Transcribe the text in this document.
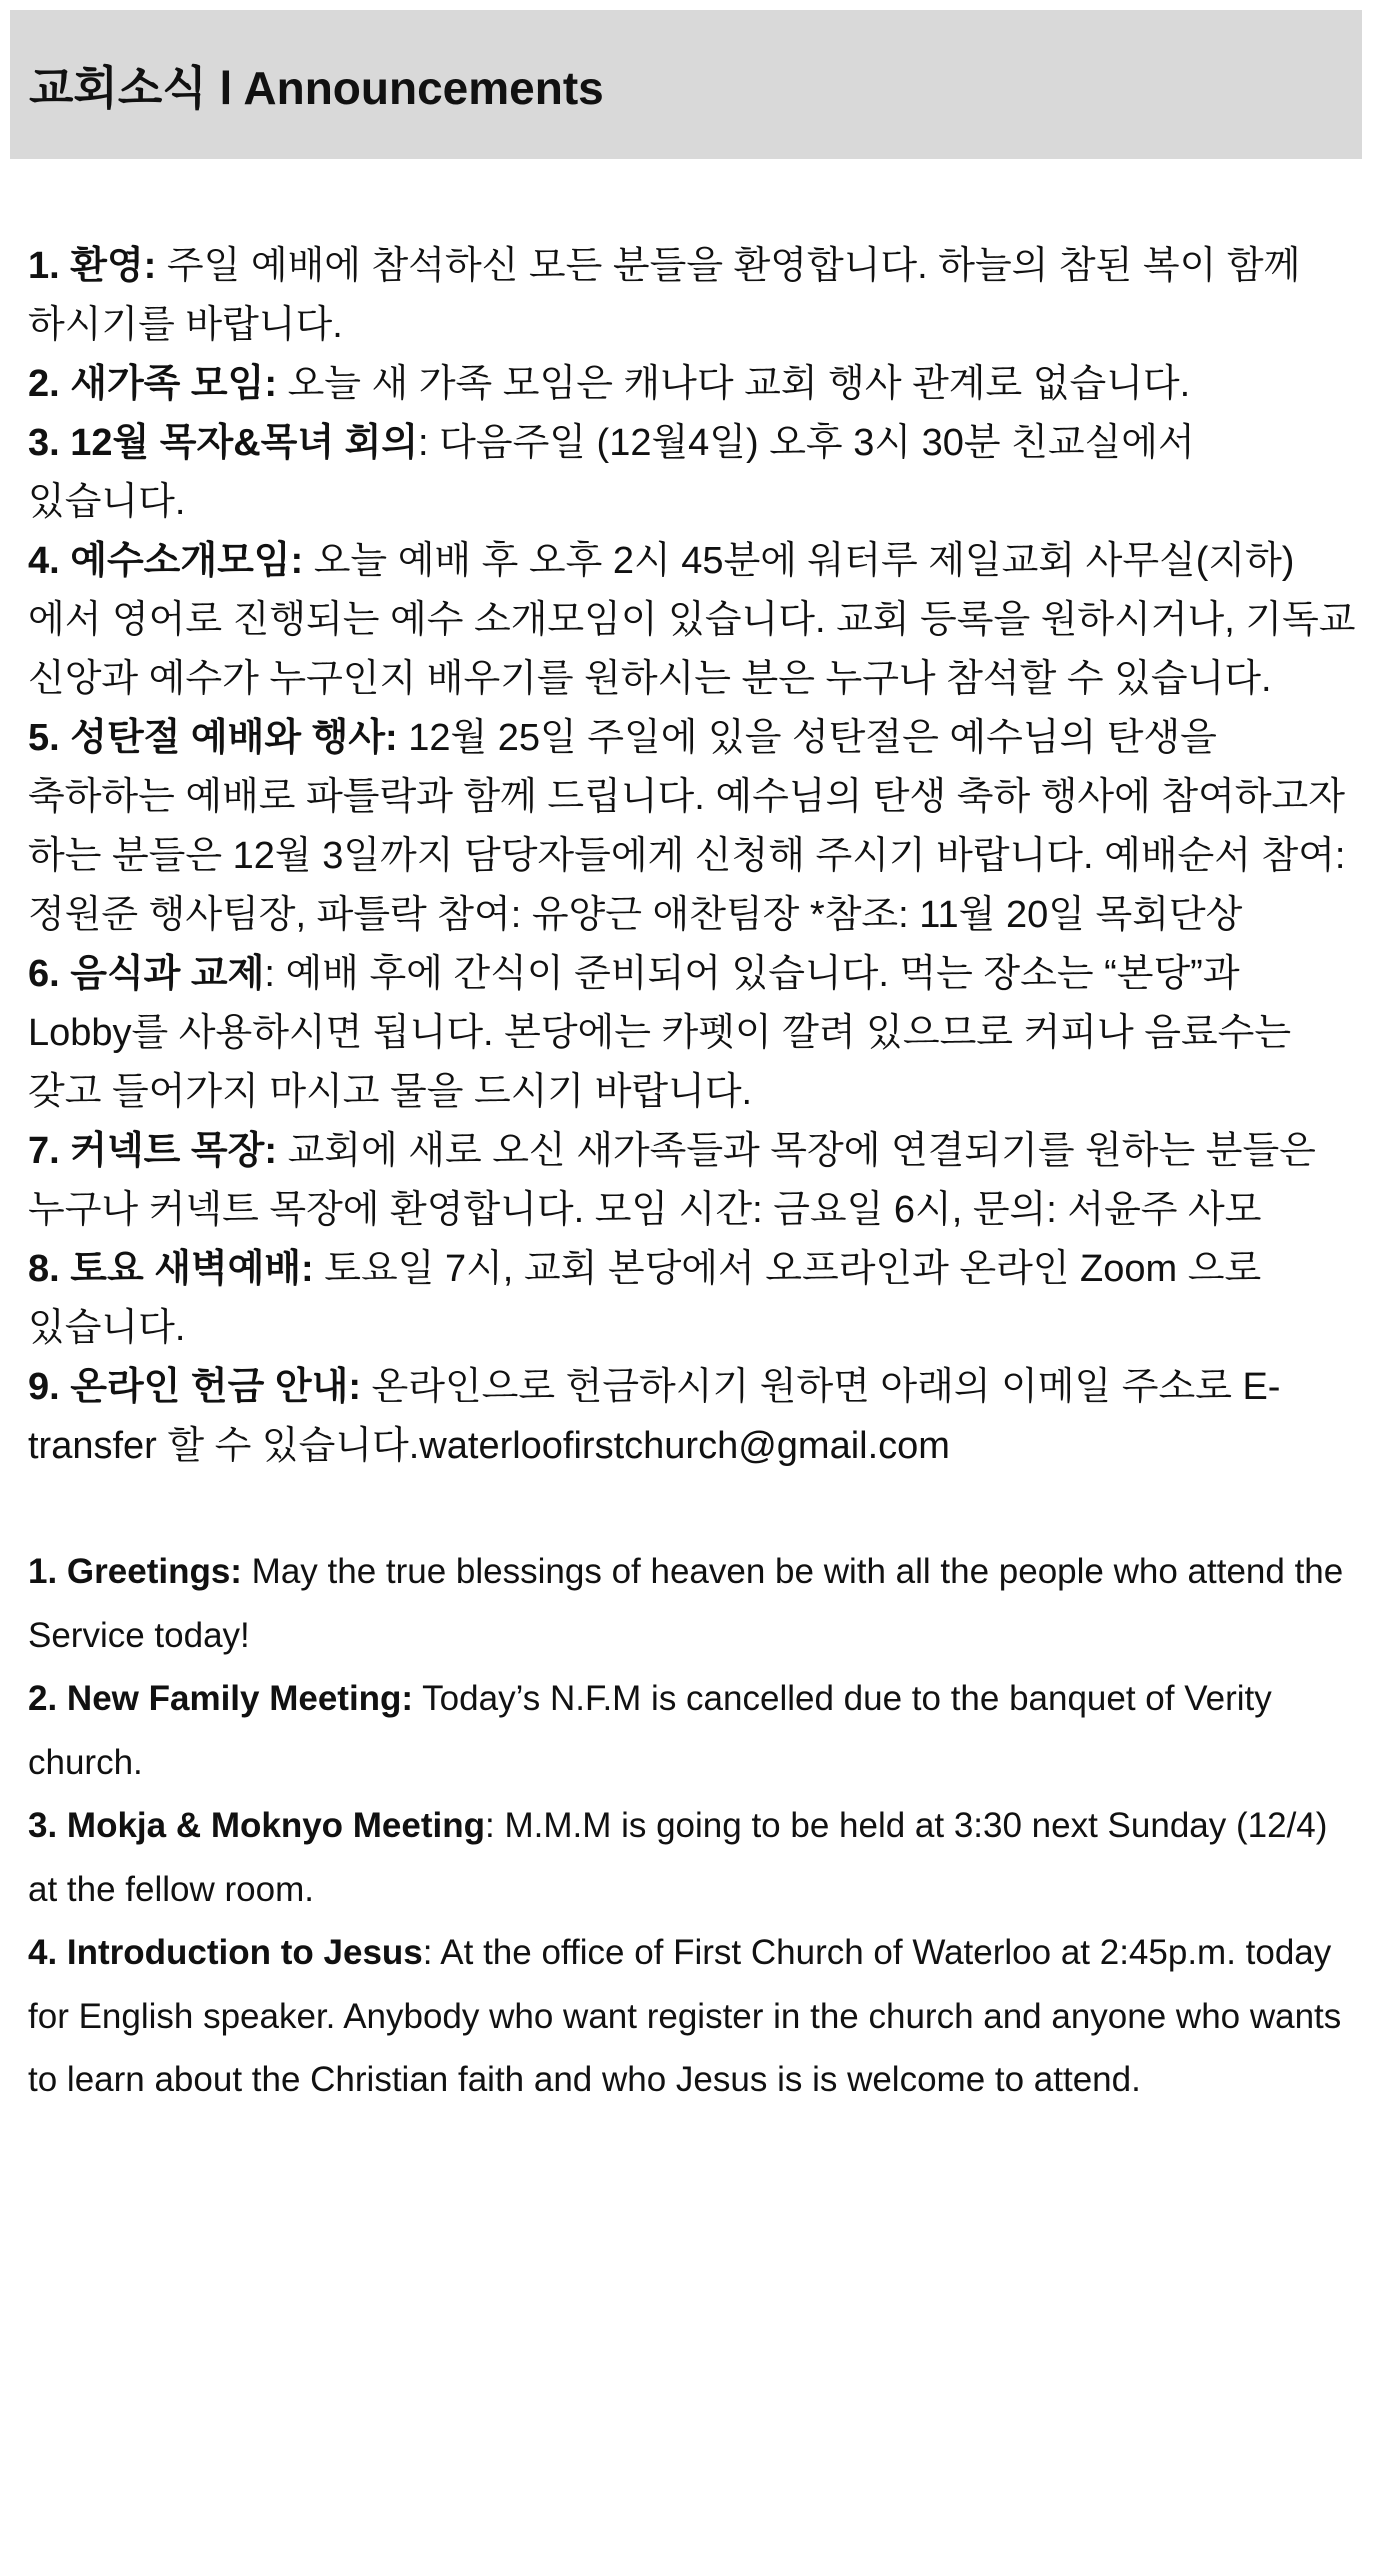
교회소식 l Announcements

1. 환영: 주일 예배에 참석하신 모든 분들을 환영합니다. 하늘의 참된 복이 함께 하시기를 바랍니다.

2. 새가족 모임: 오늘 새 가족 모임은 캐나다 교회 행사 관계로 없습니다.

3. 12월 목자&목녀 회의: 다음주일 (12월4일) 오후 3시 30분 친교실에서 있습니다.

4. 예수소개모임: 오늘 예배 후 오후 2시 45분에 워터루 제일교회 사무실(지하)에서 영어로 진행되는 예수 소개모임이 있습니다. 교회 등록을 원하시거나, 기독교 신앙과 예수가 누구인지 배우기를 원하시는 분은 누구나 참석할 수 있습니다.

5. 성탄절 예배와 행사: 12월 25일 주일에 있을 성탄절은 예수님의 탄생을 축하하는 예배로 파틀락과 함께 드립니다. 예수님의 탄생 축하 행사에 참여하고자 하는 분들은 12월 3일까지 담당자들에게 신청해 주시기 바랍니다. 예배순서 참여: 정원준 행사팀장, 파틀락 참여: 유양근 애찬팀장 *참조: 11월 20일 목회단상

6. 음식과 교제: 예배 후에 간식이 준비되어 있습니다. 먹는 장소는 “본당”과 Lobby를 사용하시면 됩니다. 본당에는 카펫이 깔려 있으므로 커피나 음료수는 갖고 들어가지 마시고 물을 드시기 바랍니다.

7. 커넥트 목장: 교회에 새로 오신 새가족들과 목장에 연결되기를 원하는 분들은 누구나 커넥트 목장에 환영합니다. 모임 시간: 금요일 6시, 문의: 서윤주 사모

8. 토요 새벽예배: 토요일 7시, 교회 본당에서 오프라인과 온라인 Zoom 으로 있습니다.

9. 온라인 헌금 안내: 온라인으로 헌금하시기 원하면 아래의 이메일 주소로 E-transfer 할 수 있습니다.waterloofirstchurch@gmail.com

1. Greetings: May the true blessings of heaven be with all the people who attend the Service today!

2. New Family Meeting: Today’s N.F.M is cancelled due to the banquet of Verity church.

3. Mokja & Moknyo Meeting: M.M.M is going to be held at 3:30 next Sunday (12/4) at the fellow room.

4. Introduction to Jesus: At the office of First Church of Waterloo at 2:45p.m. today for English speaker. Anybody who want register in the church and anyone who wants to learn about the Christian faith and who Jesus is is welcome to attend.
